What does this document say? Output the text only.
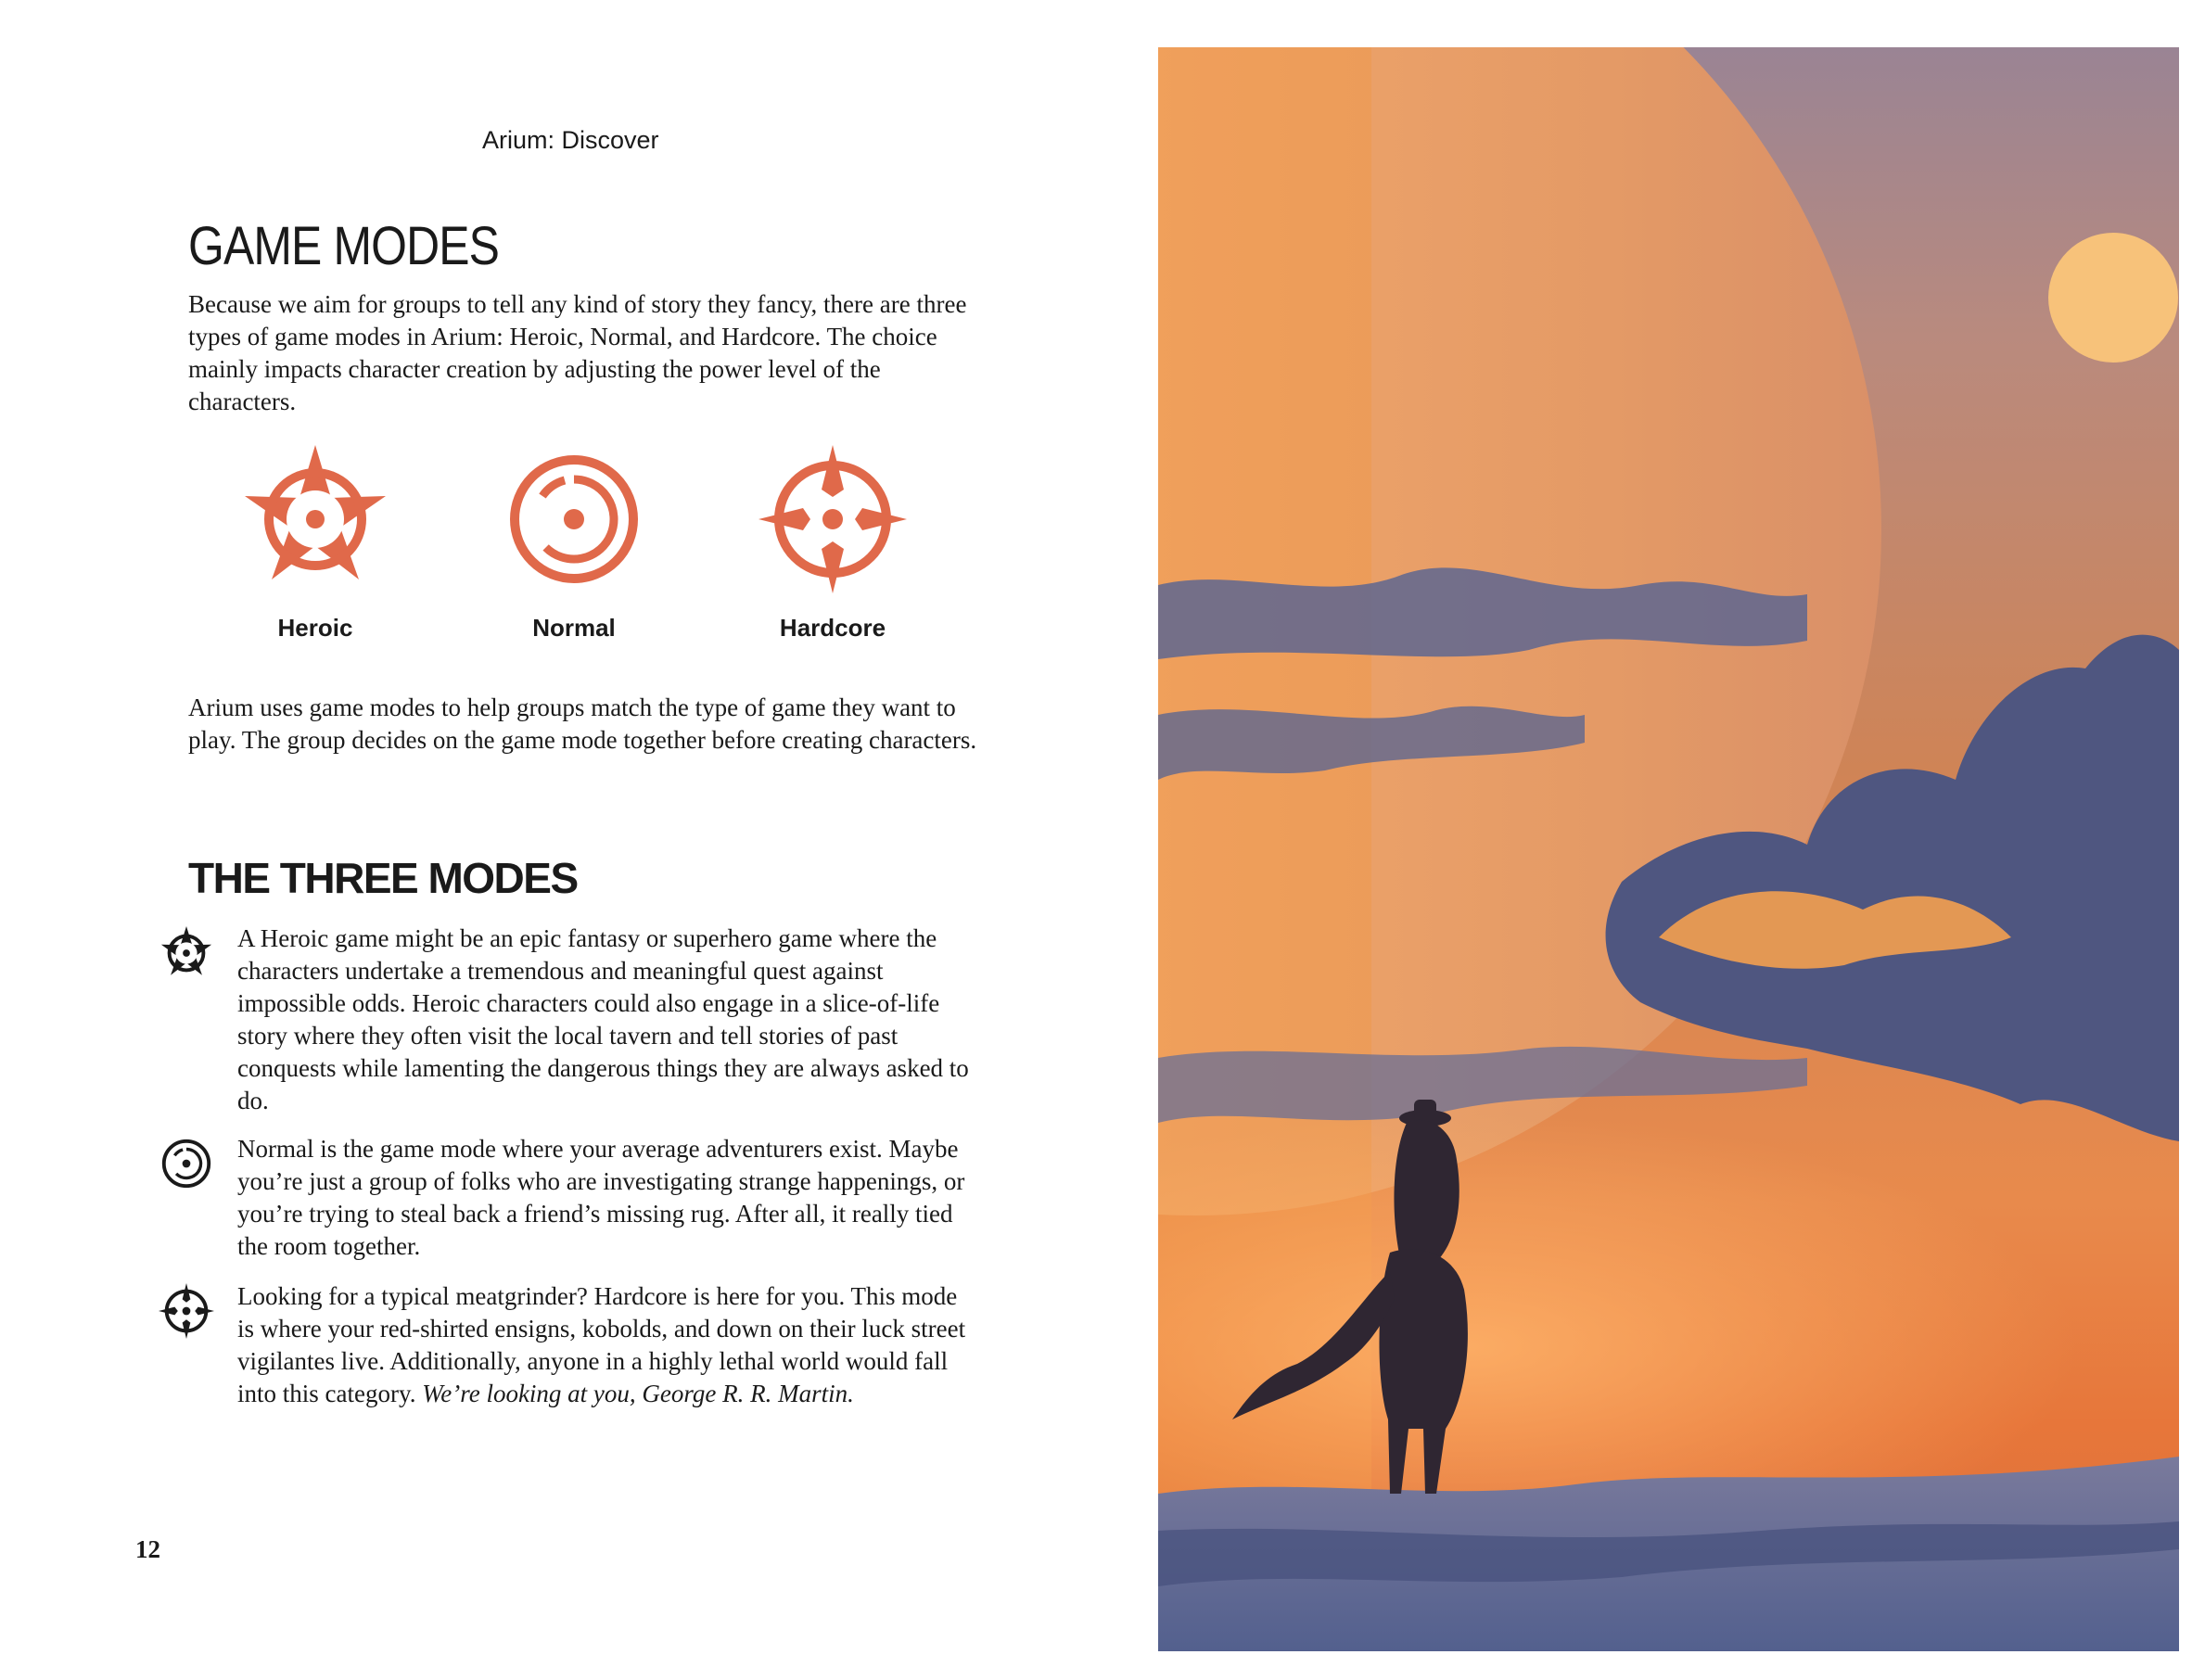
Arium: Discover
GAME MODES

Because we aim for groups to tell any kind of story they fancy, there are three types of game modes in Arium: Heroic, Normal, and Hardcore. The choice mainly impacts character creation by adjusting the power level of the characters.

Heroic	Normal	Hardcore

Arium uses game modes to help groups match the type of game they want to play. The group decides on the game mode together before creating characters.

THE THREE MODES

A Heroic game might be an epic fantasy or superhero game where the characters undertake a tremendous and meaningful quest against impossible odds. Heroic characters could also engage in a slice-of-life story where they often visit the local tavern and tell stories of past conquests while lamenting the dangerous things they are always asked to do.

Normal is the game mode where your average adventurers exist. Maybe you’re just a group of folks who are investigating strange happenings, or you’re trying to steal back a friend’s missing rug. After all, it really tied the room together.

Looking for a typical meatgrinder? Hardcore is here for you. This mode is where your red-shirted ensigns, kobolds, and down on their luck street vigilantes live. Additionally, anyone in a highly lethal world would fall into this category. We’re looking at you, George R. R. Martin.

12
